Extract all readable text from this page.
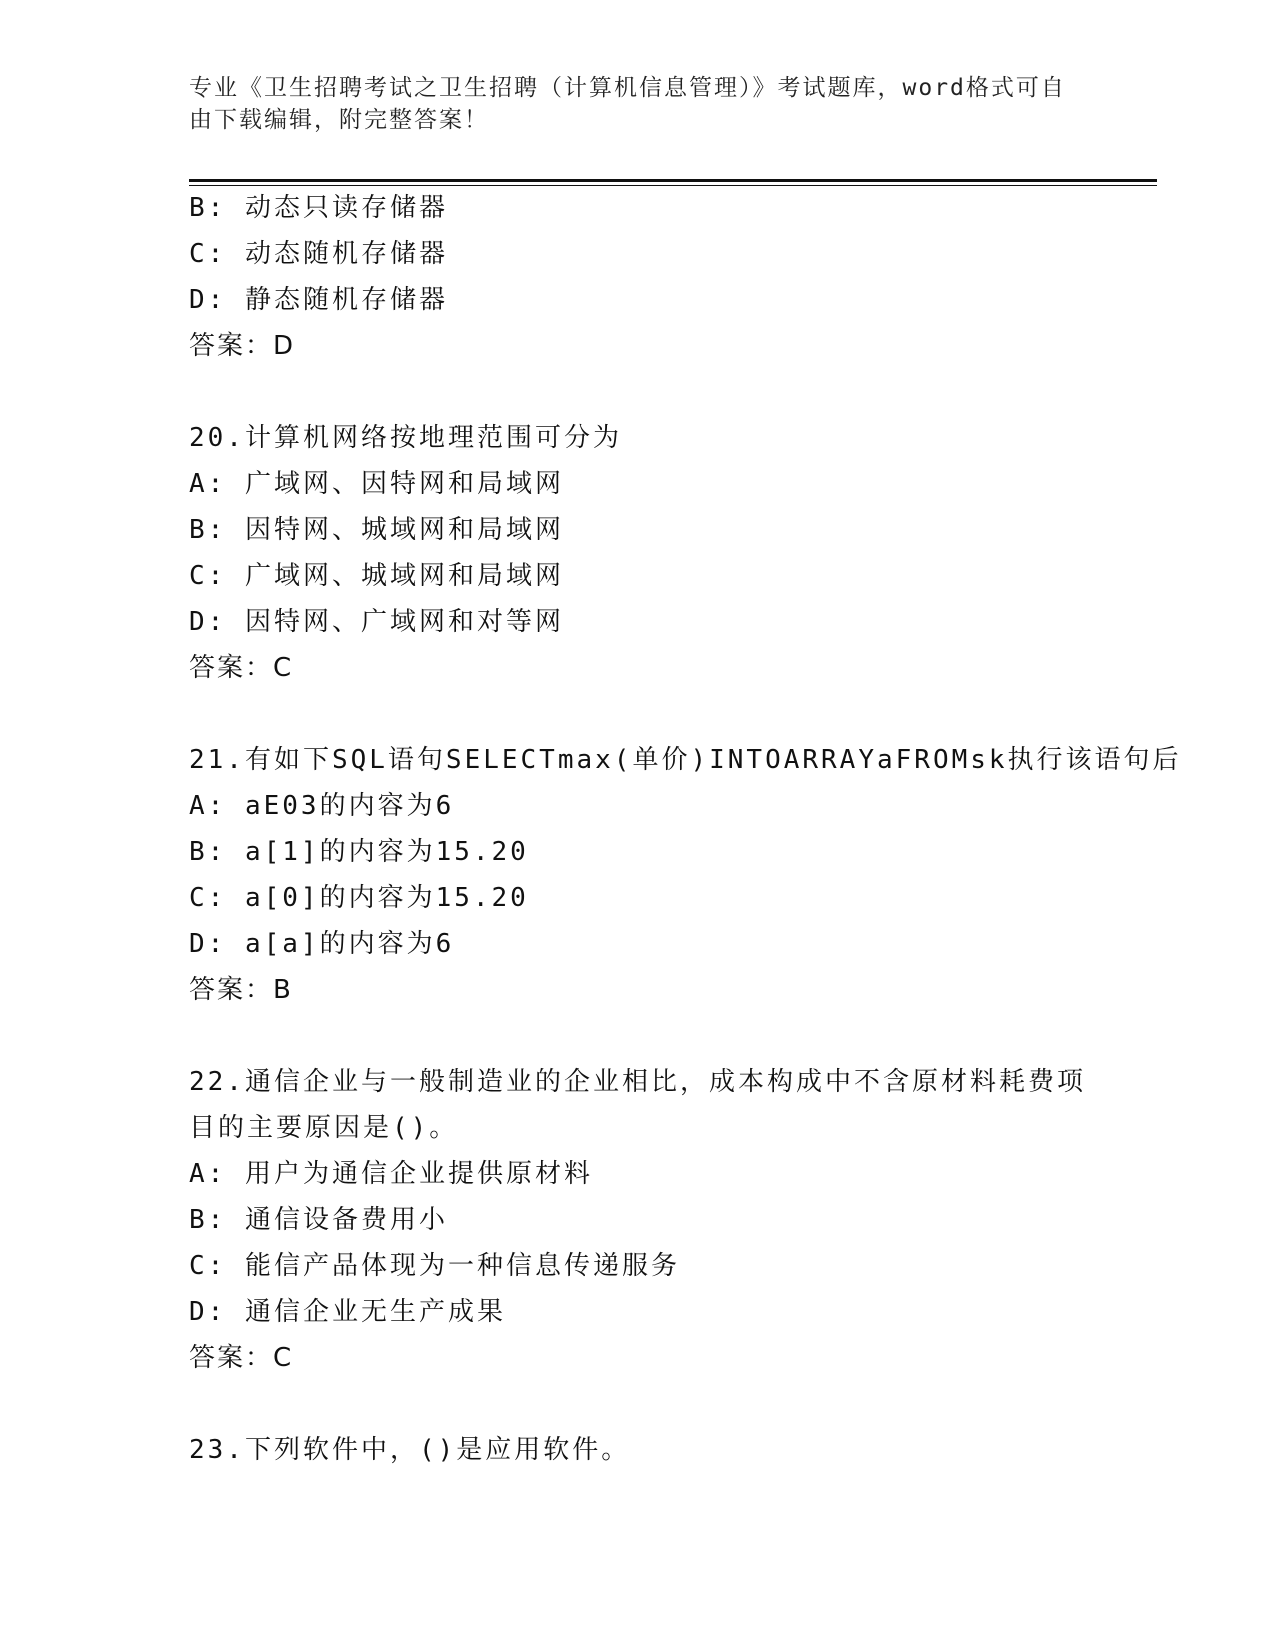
专业《卫生招聘考试之卫生招聘（计算机信息管理）》考试题库，word格式可自
由下载编辑，附完整答案！
B: 动态只读存储器
C: 动态随机存储器
D: 静态随机存储器
答案：D
20.计算机网络按地理范围可分为
A: 广域网、因特网和局域网
B: 因特网、城域网和局域网
C: 广域网、城域网和局域网
D: 因特网、广域网和对等网
答案：C
21.有如下SQL语句SELECTmax(单价)INTOARRAYaFROMsk执行该语句后
A: aE03的内容为6
B: a[1]的内容为15.20
C: a[0]的内容为15.20
D: a[a]的内容为6
答案：B
22.通信企业与一般制造业的企业相比，成本构成中不含原材料耗费项
目的主要原因是()。
A: 用户为通信企业提供原材料
B: 通信设备费用小
C: 能信产品体现为一种信息传递服务
D: 通信企业无生产成果
答案：C
23.下列软件中，()是应用软件。
